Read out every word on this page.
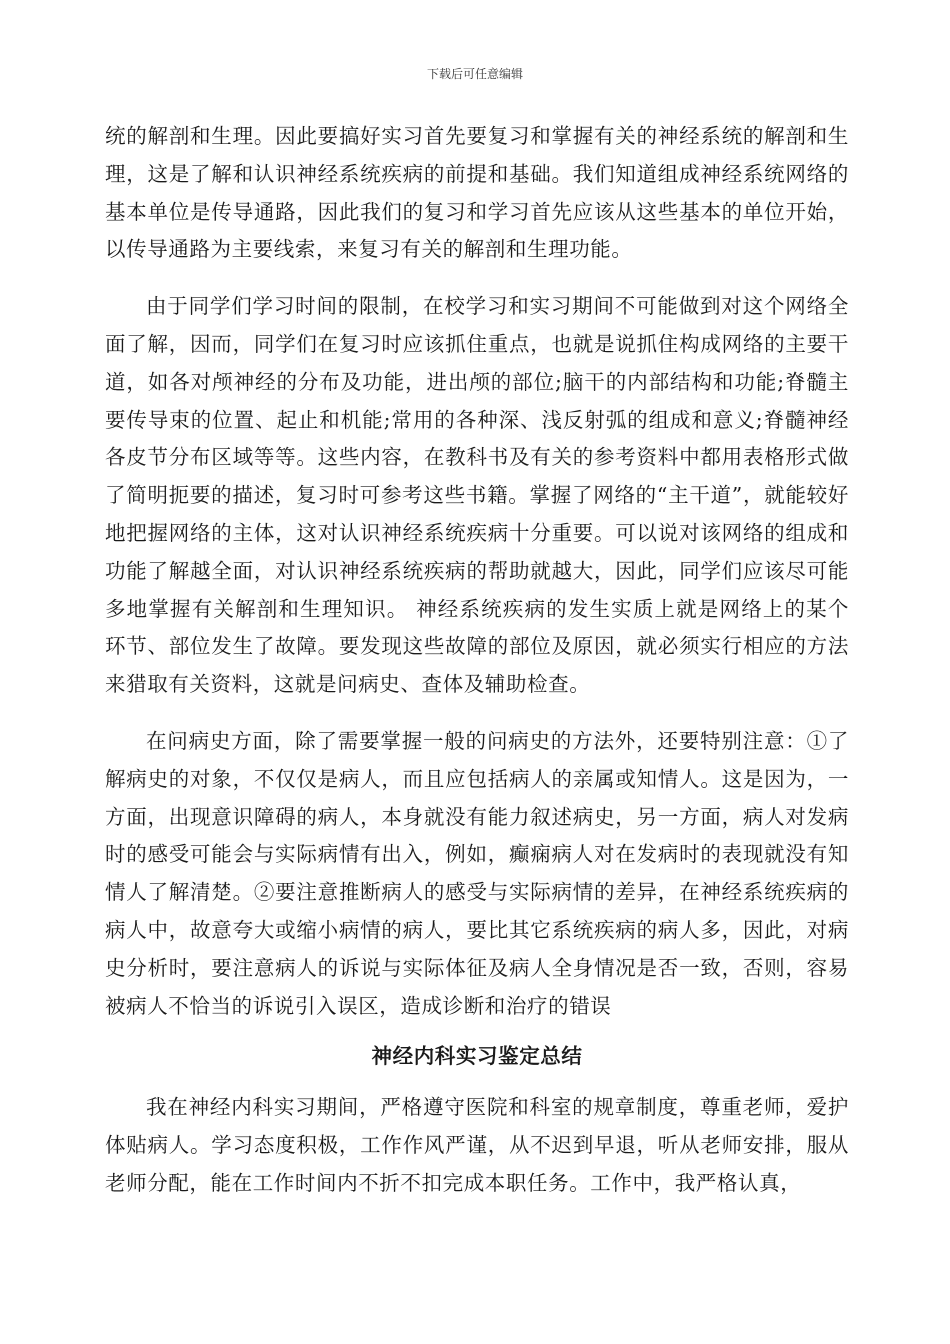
下载后可任意编辑

统的解剖和生理。因此要搞好实习首先要复习和掌握有关的神经系统的解剖和生理，这是了解和认识神经系统疾病的前提和基础。我们知道组成神经系统网络的基本单位是传导通路，因此我们的复习和学习首先应该从这些基本的单位开始，以传导通路为主要线索，来复习有关的解剖和生理功能。

由于同学们学习时间的限制，在校学习和实习期间不可能做到对这个网络全面了解，因而，同学们在复习时应该抓住重点，也就是说抓住构成网络的主要干道，如各对颅神经的分布及功能，进出颅的部位;脑干的内部结构和功能;脊髓主要传导束的位置、起止和机能;常用的各种深、浅反射弧的组成和意义;脊髓神经各皮节分布区域等等。这些内容，在教科书及有关的参考资料中都用表格形式做了简明扼要的描述，复习时可参考这些书籍。掌握了网络的“主干道”，就能较好地把握网络的主体，这对认识神经系统疾病十分重要。可以说对该网络的组成和功能了解越全面，对认识神经系统疾病的帮助就越大，因此，同学们应该尽可能多地掌握有关解剖和生理知识。 神经系统疾病的发生实质上就是网络上的某个环节、部位发生了故障。要发现这些故障的部位及原因，就必须实行相应的方法来猎取有关资料，这就是问病史、查体及辅助检查。

在问病史方面，除了需要掌握一般的问病史的方法外，还要特别注意：①了解病史的对象，不仅仅是病人，而且应包括病人的亲属或知情人。这是因为，一方面，出现意识障碍的病人，本身就没有能力叙述病史，另一方面，病人对发病时的感受可能会与实际病情有出入，例如，癫痫病人对在发病时的表现就没有知情人了解清楚。②要注意推断病人的感受与实际病情的差异，在神经系统疾病的病人中，故意夸大或缩小病情的病人，要比其它系统疾病的病人多，因此，对病史分析时，要注意病人的诉说与实际体征及病人全身情况是否一致，否则，容易被病人不恰当的诉说引入误区，造成诊断和治疗的错误

神经内科实习鉴定总结

我在神经内科实习期间，严格遵守医院和科室的规章制度，尊重老师，爱护体贴病人。学习态度积极，工作作风严谨，从不迟到早退，听从老师安排，服从老师分配，能在工作时间内不折不扣完成本职任务。工作中，我严格认真，
